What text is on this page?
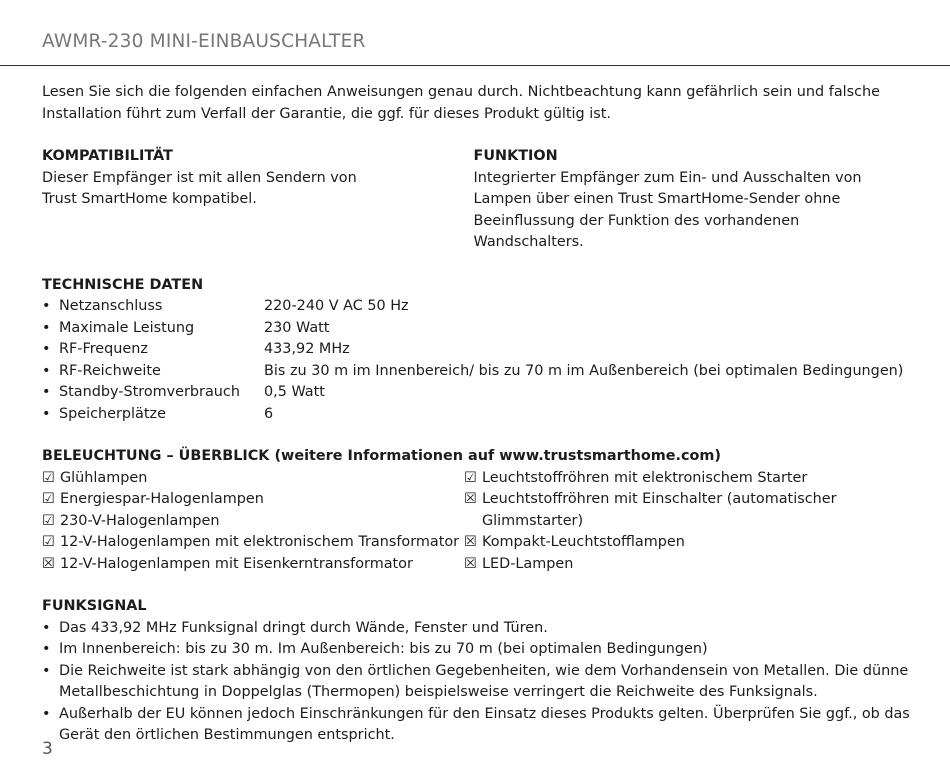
AWMR-230 MINI-EINBAUSCHALTER

Lesen Sie sich die folgenden einfachen Anweisungen genau durch. Nichtbeachtung kann gefährlich sein und falsche Installation führt zum Verfall der Garantie, die ggf. für dieses Produkt gültig ist.

KOMPATIBILITÄT
Dieser Empfänger ist mit allen Sendern von
Trust SmartHome kompatibel.
FUNKTION
Integrierter Empfänger zum Ein- und Ausschalten von
Lampen über einen Trust SmartHome-Sender ohne
Beeinflussung der Funktion des vorhandenen Wandschalters.
TECHNISCHE DATEN
• Netzanschluss	220-240 V AC 50 Hz
• Maximale Leistung	230 Watt
• RF-Frequenz	433,92 MHz
• RF-Reichweite	Bis zu 30 m im Innenbereich/ bis zu 70 m im Außenbereich (bei optimalen Bedingungen)
• Standby-Stromverbrauch	0,5 Watt
• Speicherplätze	6
BELEUCHTUNG – ÜBERBLICK (weitere Informationen auf www.trustsmarthome.com)
☑ Glühlampen
☑ Energiespar-Halogenlampen
☑ 230-V-Halogenlampen
☑ 12-V-Halogenlampen mit elektronischem Transformator
☒ 12-V-Halogenlampen mit Eisenkerntransformator
☑ Leuchtstoffröhren mit elektronischem Starter
☒ Leuchtstoffröhren mit Einschalter (automatischer Glimmstarter)
☒ Kompakt-Leuchtstofflampen
☒ LED-Lampen
FUNKSIGNAL
• Das 433,92 MHz Funksignal dringt durch Wände, Fenster und Türen.
• Im Innenbereich: bis zu 30 m. Im Außenbereich: bis zu 70 m (bei optimalen Bedingungen)
• Die Reichweite ist stark abhängig von den örtlichen Gegebenheiten, wie dem Vorhandensein von Metallen. Die dünne Metallbeschichtung in Doppelglas (Thermopen) beispielsweise verringert die Reichweite des Funksignals.
• Außerhalb der EU können jedoch Einschränkungen für den Einsatz dieses Produkts gelten. Überprüfen Sie ggf., ob das Gerät den örtlichen Bestimmungen entspricht.
3
